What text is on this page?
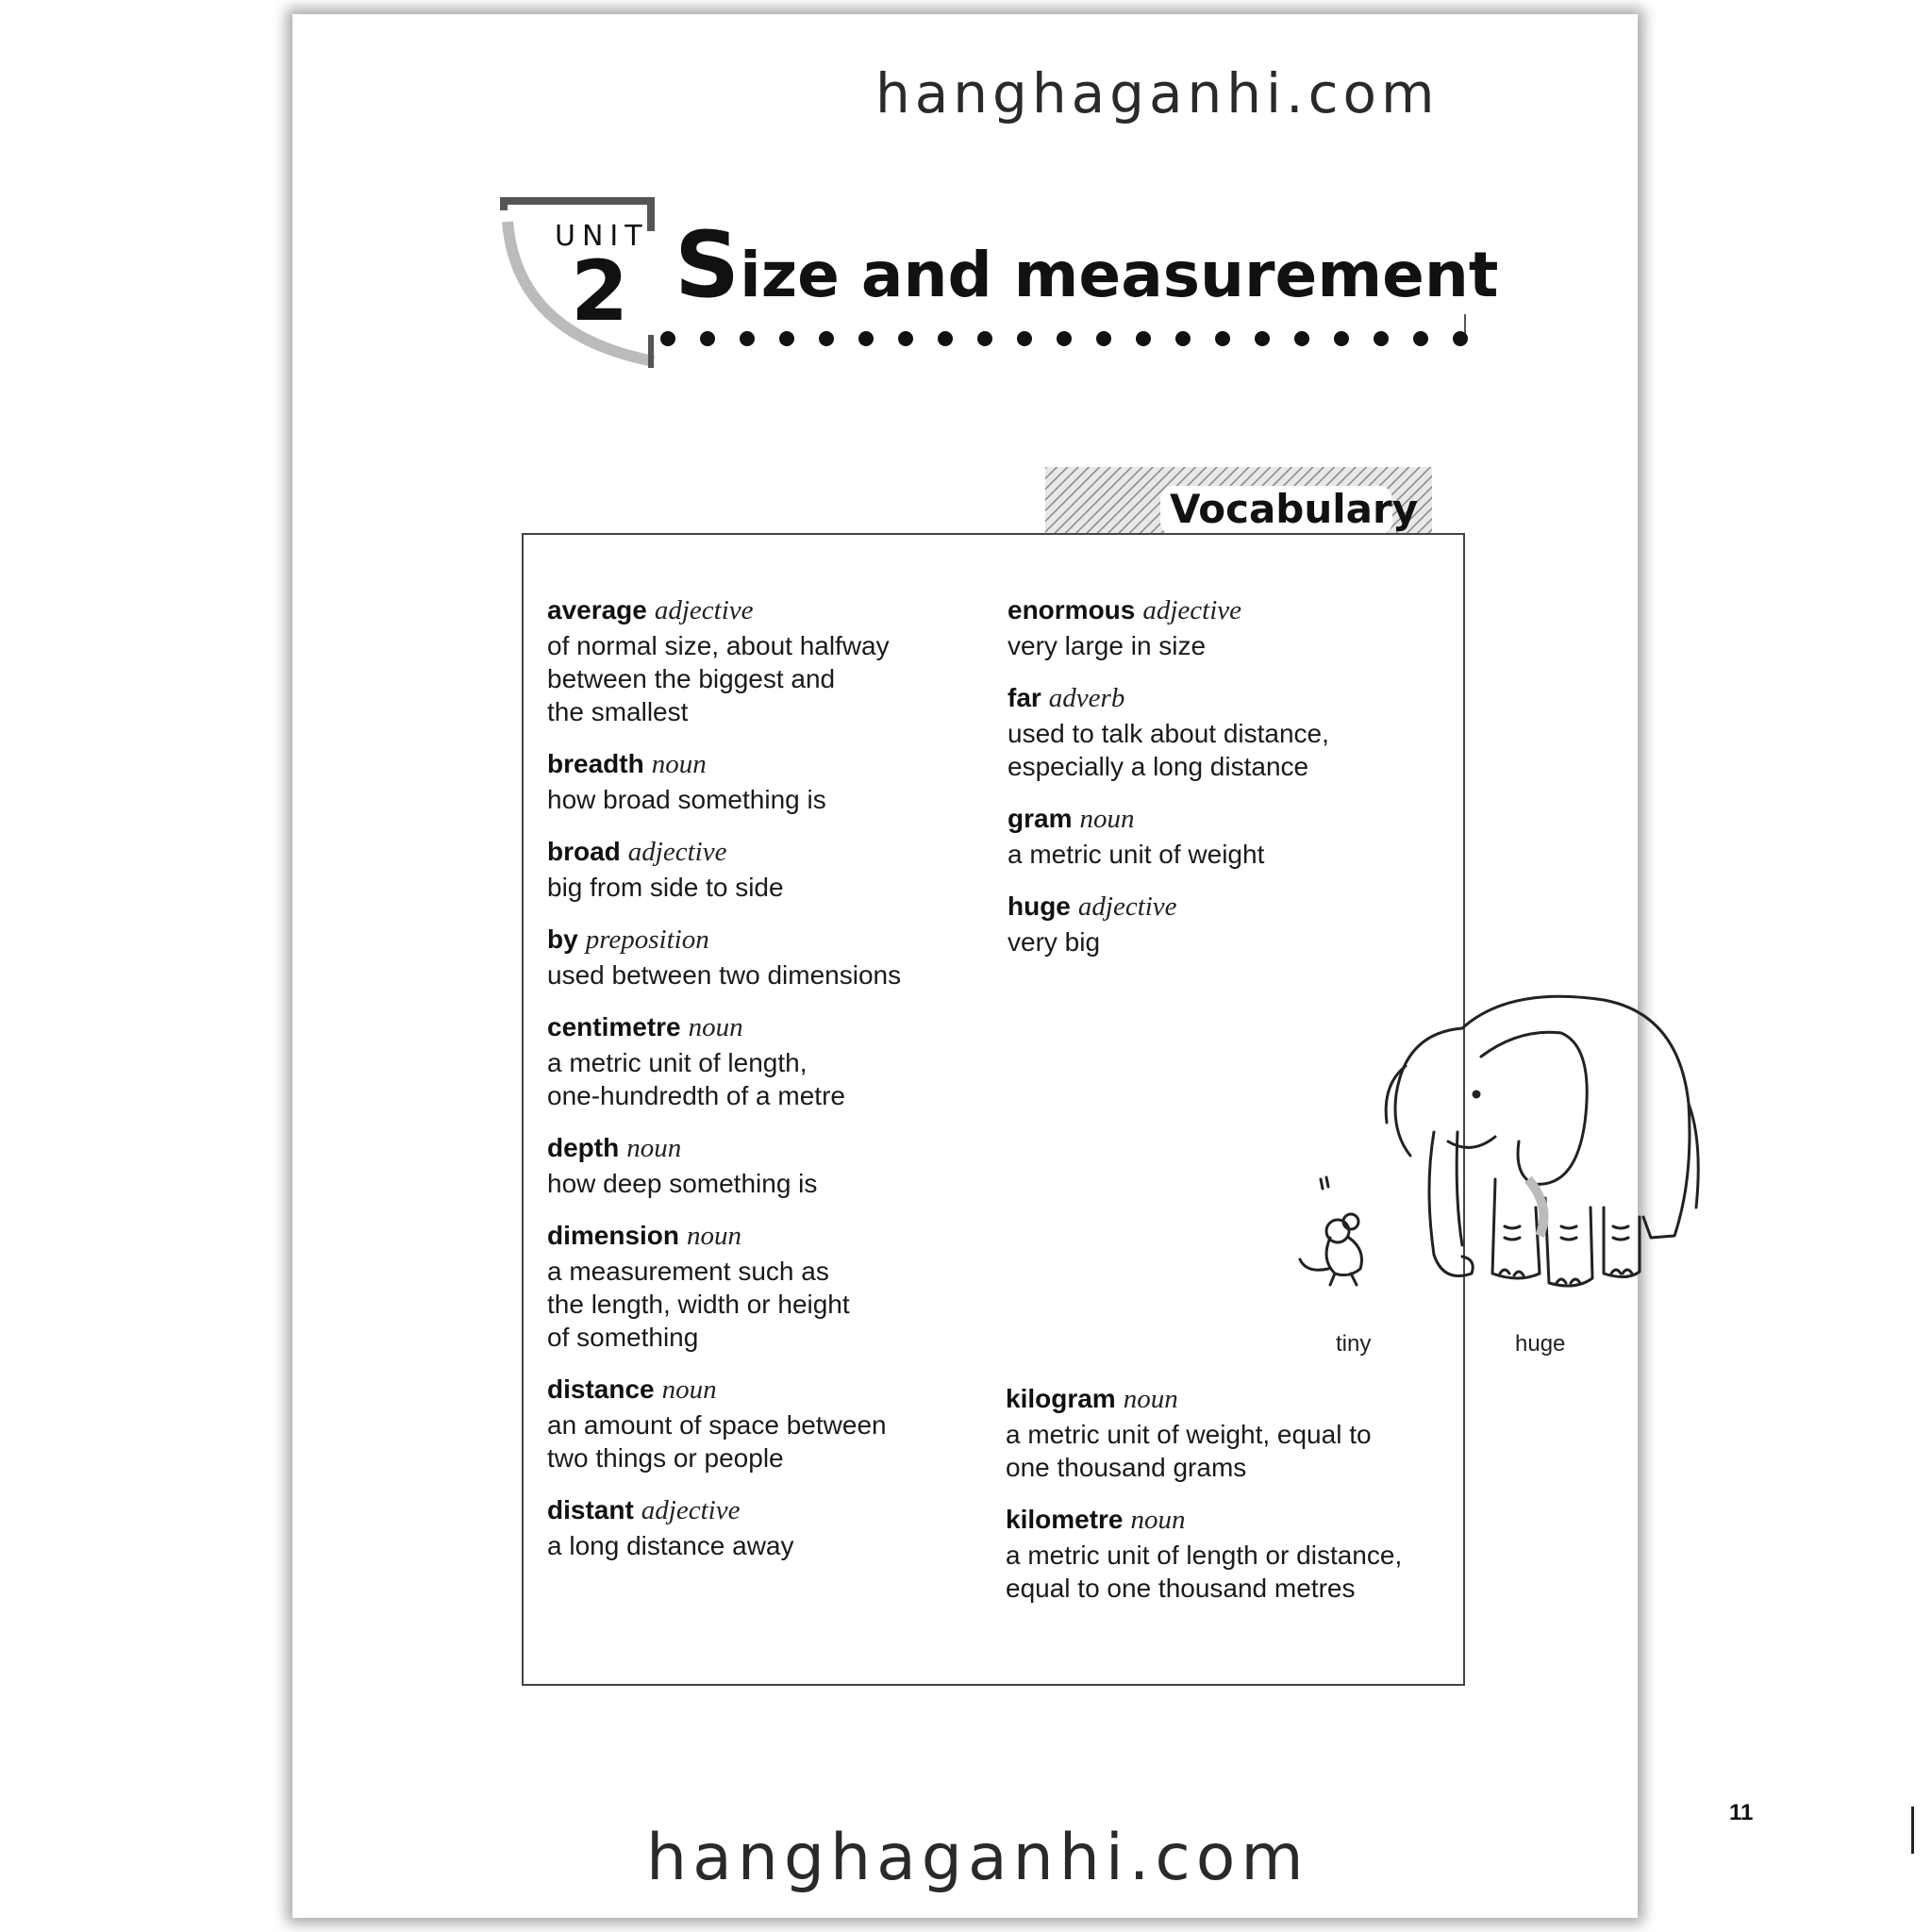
hanghaganhi.com
UNIT
2 Size and measurement
Vocabulary
average adjective
of normal size, about halfway
between the biggest and
the smallest
breadth noun
how broad something is
broad adjective
big from side to side
by preposition
used between two dimensions
centimetre noun
a metric unit of length,
one-hundredth of a metre
depth noun
how deep something is
dimension noun
a measurement such as
the length, width or height
of something
distance noun
an amount of space between
two things or people
distant adjective
a long distance away
enormous adjective
very large in size
far adverb
used to talk about distance,
especially a long distance
gram noun
a metric unit of weight
huge adjective
very big
tiny	huge
kilogram noun
a metric unit of weight, equal to
one thousand grams
kilometre noun
a metric unit of length or distance,
equal to one thousand metres
11
hanghaganhi.com
